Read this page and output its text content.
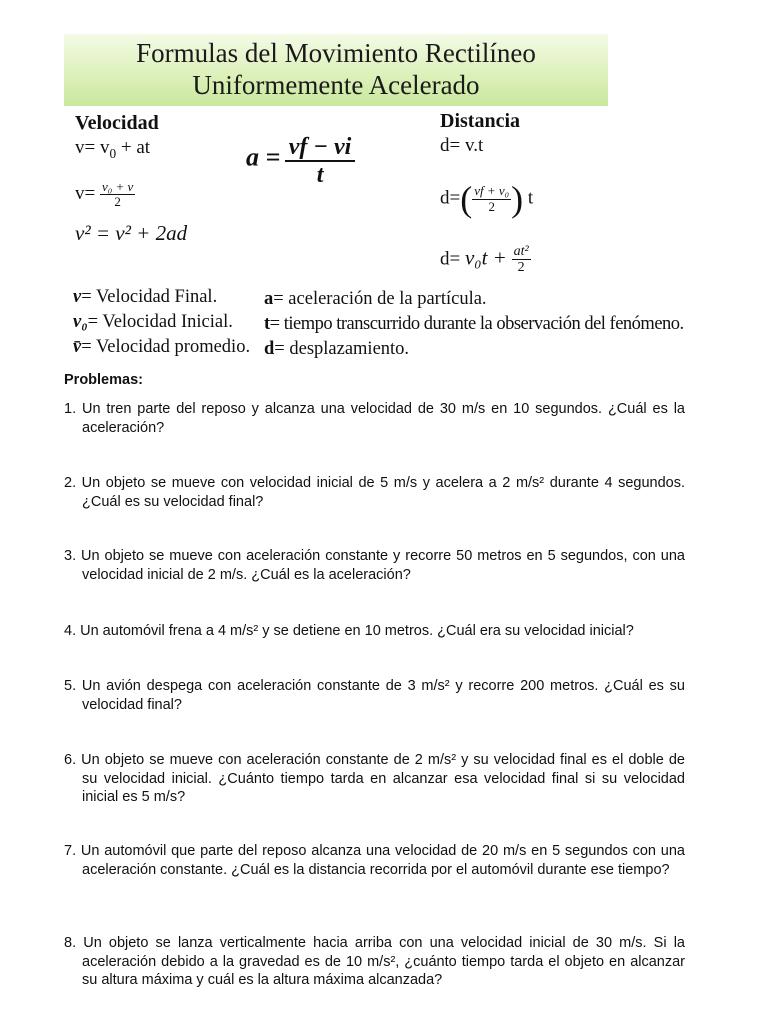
Formulas del Movimiento Rectilíneo
Uniformemente Acelerado
Velocidad
$v= v_0$ + at
$v= \frac{\text{v₀ + v}}{2}$
v² = v² + 2ad
$a = \frac{vf - vi}{t}$
Distancia
d= v.t
$d=( \frac{\text{vf + v₀}}{2}$ ) t
$d= v_0t + \frac{\text{at²}}{2}$
v= Velocidad Final.
v₀= Velocidad Inicial.
v̄= Velocidad promedio.
a= aceleración de la partícula.
t= tiempo transcurrido durante la observación del fenómeno.
d= desplazamiento.
Problemas:
1. Un tren parte del reposo y alcanza una velocidad de 30 m/s en 10 segundos. ¿Cuál es la aceleración?
2. Un objeto se mueve con velocidad inicial de 5 m/s y acelera a 2 m/s² durante 4 segundos. ¿Cuál es su velocidad final?
3. Un objeto se mueve con aceleración constante y recorre 50 metros en 5 segundos, con una velocidad inicial de 2 m/s. ¿Cuál es la aceleración?
4. Un automóvil frena a 4 m/s² y se detiene en 10 metros. ¿Cuál era su velocidad inicial?
5. Un avión despega con aceleración constante de 3 m/s² y recorre 200 metros. ¿Cuál es su velocidad final?
6. Un objeto se mueve con aceleración constante de 2 m/s² y su velocidad final es el doble de su velocidad inicial. ¿Cuánto tiempo tarda en alcanzar esa velocidad final si su velocidad inicial es 5 m/s?
7. Un automóvil que parte del reposo alcanza una velocidad de 20 m/s en 5 segundos con una aceleración constante. ¿Cuál es la distancia recorrida por el automóvil durante ese tiempo?
8. Un objeto se lanza verticalmente hacia arriba con una velocidad inicial de 30 m/s. Si la aceleración debido a la gravedad es de 10 m/s², ¿cuánto tiempo tarda el objeto en alcanzar su altura máxima y cuál es la altura máxima alcanzada?
